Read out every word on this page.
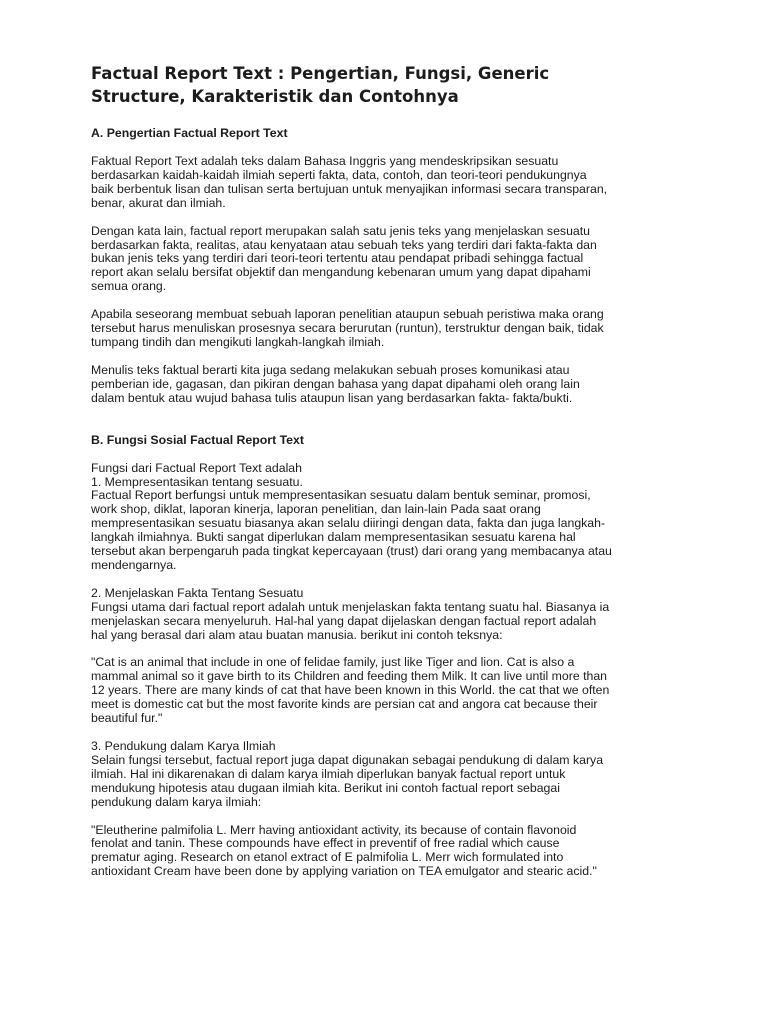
Factual Report Text : Pengertian, Fungsi, Generic
Structure, Karakteristik dan Contohnya
A. Pengertian Factual Report Text

Faktual Report Text adalah teks dalam Bahasa Inggris yang mendeskripsikan sesuatu
berdasarkan kaidah-kaidah ilmiah seperti fakta, data, contoh, dan teori-teori pendukungnya
baik berbentuk lisan dan tulisan serta bertujuan untuk menyajikan informasi secara transparan,
benar, akurat dan ilmiah.

Dengan kata lain, factual report merupakan salah satu jenis teks yang menjelaskan sesuatu
berdasarkan fakta, realitas, atau kenyataan atau sebuah teks yang terdiri dari fakta-fakta dan
bukan jenis teks yang terdiri dari teori-teori tertentu atau pendapat pribadi sehingga factual
report akan selalu bersifat objektif dan mengandung kebenaran umum yang dapat dipahami
semua orang.

Apabila seseorang membuat sebuah laporan penelitian ataupun sebuah peristiwa maka orang
tersebut harus menuliskan prosesnya secara berurutan (runtun), terstruktur dengan baik, tidak
tumpang tindih dan mengikuti langkah-langkah ilmiah.

Menulis teks faktual berarti kita juga sedang melakukan sebuah proses komunikasi atau
pemberian ide, gagasan, dan pikiran dengan bahasa yang dapat dipahami oleh orang lain
dalam bentuk atau wujud bahasa tulis ataupun lisan yang berdasarkan fakta- fakta/bukti.

B. Fungsi Sosial Factual Report Text

Fungsi dari Factual Report Text adalah
1. Mempresentasikan tentang sesuatu.
Factual Report berfungsi untuk mempresentasikan sesuatu dalam bentuk seminar, promosi,
work shop, diklat, laporan kinerja, laporan penelitian, dan lain-lain Pada saat orang
mempresentasikan sesuatu biasanya akan selalu diiringi dengan data, fakta dan juga langkah-
langkah ilmiahnya. Bukti sangat diperlukan dalam mempresentasikan sesuatu karena hal
tersebut akan berpengaruh pada tingkat kepercayaan (trust) dari orang yang membacanya atau
mendengarnya.

2. Menjelaskan Fakta Tentang Sesuatu
Fungsi utama dari factual report adalah untuk menjelaskan fakta tentang suatu hal. Biasanya ia
menjelaskan secara menyeluruh. Hal-hal yang dapat dijelaskan dengan factual report adalah
hal yang berasal dari alam atau buatan manusia. berikut ini contoh teksnya:

"Cat is an animal that include in one of felidae family, just like Tiger and lion. Cat is also a
mammal animal so it gave birth to its Children and feeding them Milk. It can live until more than
12 years. There are many kinds of cat that have been known in this World. the cat that we often
meet is domestic cat but the most favorite kinds are persian cat and angora cat because their
beautiful fur."

3. Pendukung dalam Karya Ilmiah
Selain fungsi tersebut, factual report juga dapat digunakan sebagai pendukung di dalam karya
ilmiah. Hal ini dikarenakan di dalam karya ilmiah diperlukan banyak factual report untuk
mendukung hipotesis atau dugaan ilmiah kita. Berikut ini contoh factual report sebagai
pendukung dalam karya ilmiah:

"Eleutherine palmifolia L. Merr having antioxidant activity, its because of contain flavonoid
fenolat and tanin. These compounds have effect in preventif of free radial which cause
prematur aging. Research on etanol extract of E palmifolia L. Merr wich formulated into
antioxidant Cream have been done by applying variation on TEA emulgator and stearic acid."
